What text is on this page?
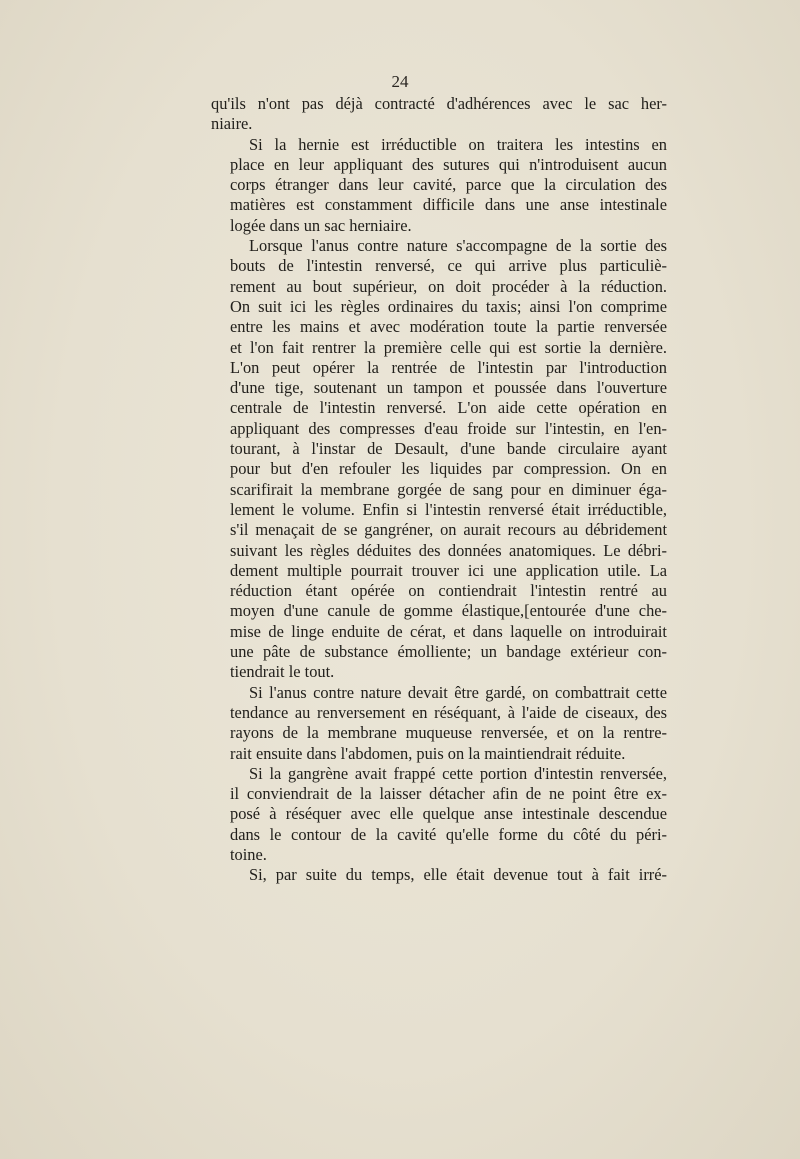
24

qu'ils n'ont pas déjà contracté d'adhérences avec le sac her-
niaire.

Si la hernie est irréductible on traitera les intestins en
place en leur appliquant des sutures qui n'introduisent aucun
corps étranger dans leur cavité, parce que la circulation des
matières est constamment difficile dans une anse intestinale
logée dans un sac herniaire.

Lorsque l'anus contre nature s'accompagne de la sortie des
bouts de l'intestin renversé, ce qui arrive plus particuliè-
rement au bout supérieur, on doit procéder à la réduction.
On suit ici les règles ordinaires du taxis; ainsi l'on comprime
entre les mains et avec modération toute la partie renversée
et l'on fait rentrer la première celle qui est sortie la dernière.
L'on peut opérer la rentrée de l'intestin par l'introduction
d'une tige, soutenant un tampon et poussée dans l'ouverture
centrale de l'intestin renversé. L'on aide cette opération en
appliquant des compresses d'eau froide sur l'intestin, en l'en-
tourant, à l'instar de Desault, d'une bande circulaire ayant
pour but d'en refouler les liquides par compression. On en
scarifirait la membrane gorgée de sang pour en diminuer éga-
lement le volume. Enfin si l'intestin renversé était irréductible,
s'il menaçait de se gangréner, on aurait recours au débridement
suivant les règles déduites des données anatomiques. Le débri-
dement multiple pourrait trouver ici une application utile. La
réduction étant opérée on contiendrait l'intestin rentré au
moyen d'une canule de gomme élastique,[entourée d'une che-
mise de linge enduite de cérat, et dans laquelle on introduirait
une pâte de substance émolliente; un bandage extérieur con-
tiendrait le tout.

Si l'anus contre nature devait être gardé, on combattrait cette
tendance au renversement en réséquant, à l'aide de ciseaux, des
rayons de la membrane muqueuse renversée, et on la rentre-
rait ensuite dans l'abdomen, puis on la maintiendrait réduite.

Si la gangrène avait frappé cette portion d'intestin renversée,
il conviendrait de la laisser détacher afin de ne point être ex-
posé à réséquer avec elle quelque anse intestinale descendue
dans le contour de la cavité qu'elle forme du côté du péri-
toine.

Si, par suite du temps, elle était devenue tout à fait irré-
